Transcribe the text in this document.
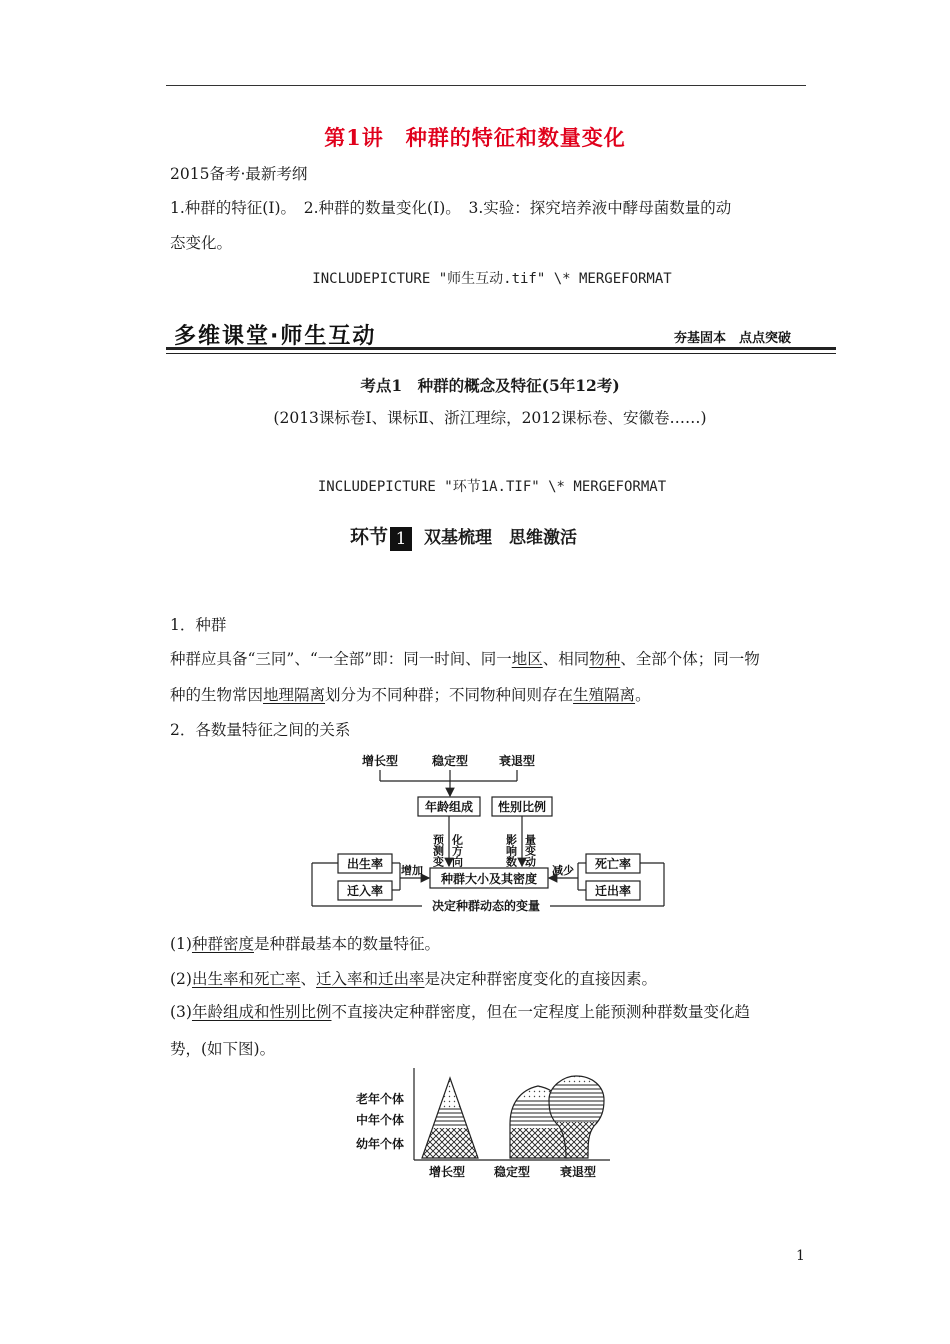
第1讲　种群的特征和数量变化
2015备考·最新考纲
1.种群的特征(Ⅰ)。　2.种群的数量变化(Ⅰ)。　3.实验：探究培养液中酵母菌数量的动
态变化。
INCLUDEPICTURE "师生互动.tif" \* MERGEFORMAT
多维课堂·师生互动	夯基固本　点点突破
考点1　种群的概念及特征(5年12考)
(2013课标卷Ⅰ、课标Ⅱ、浙江理综，2012课标卷、安徽卷……)
INCLUDEPICTURE "环节1A.TIF" \* MERGEFORMAT
环节 1 双基梳理　思维激活
1．种群
种群应具备“三同”、“一全部”即：同一时间、同一地区、相同物种、全部个体；同一物
种的生物常因地理隔离划分为不同种群；不同物种间则存在生殖隔离。
2．各数量特征之间的关系
增长型	稳定型	衰退型
年龄组成 性别比例
种群大小及其密度
出生率
迁入率
死亡率
迁出率
增加	减少
决定种群动态的变量
预测变 化方向	影响数 量变动
(1)种群密度是种群最基本的数量特征。
(2)出生率和死亡率、迁入率和迁出率是决定种群密度变化的直接因素。
(3)年龄组成和性别比例不直接决定种群密度，但在一定程度上能预测种群数量变化趋
势，(如下图)。
老年个体
中年个体
幼年个体
增长型 稳定型 衰退型
1
